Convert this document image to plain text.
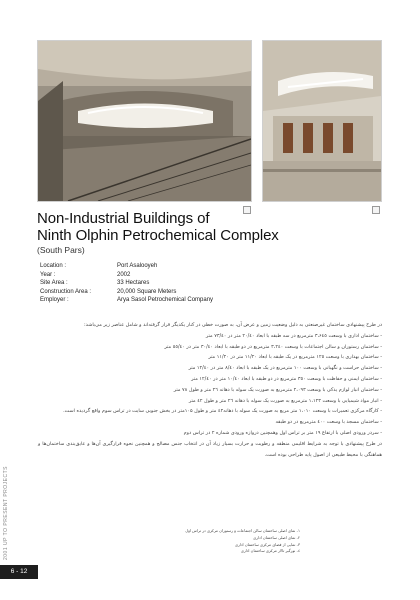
Non-Industrial Buildings of
Ninth Olphin Petrochemical Complex
(South Pars)
Location :	Port Asalooyeh
Year :	2002
Site Area :	33 Hectares
Construction Area :	20,000 Square Meters
Employer :	Arya Sasol Petrochemical Company

در طرح پیشنهادی ساختمان غیرصنعتی به دلیل وضعیت زمین و عرض آن، به صورت خطی در کنار یکدیگر قرار گرفته‌اند و شامل عناصر زیر می‌باشد:

- ساختمان اداری با وسعت ۳،۶٤٥ مترمربع در سه طبقه با ابعاد ۲۰/٤۰ متر در ۷۳/٤۰ متر

- ساختمان رستوران و سالن اجتماعات با وسعت ۳،٢٤۰ مترمربع در دو طبقه با ابعاد ۳۰/٤۰ متر در ٥٥/٤۰ متر

- ساختمان بهداری با وسعت ۱۲٥ مترمربع در یک طبقه با ابعاد ۱۱/۲۰ متر در ۱۱/۲۰ متر

- ساختمان حراست و نگهبانی با وسعت ۱۰۰ مترمربع در یک طبقه با ابعاد ۸/٤۰ متر در ۱۲/٤۰ متر

- ساختمان ایمنی و حفاظت با وسعت ۳٥۰ مترمربع در دو طبقه با ابعاد ۱۰/٤۰ متر در ۱۲/٤۰ متر

- ساختمان انبار لوازم یدکی با وسعت ۲،۰۹۳ مترمربع به صورت یک سوله با دهانه ۲٦ متر و طول ۷۸ متر

- انبار مواد شیمیایی با وسعت ۱،۱۲۳ مترمربع به صورت یک سوله با دهانه ۲٦ متر و طول ٤۲ متر

- کارگاه مرکزی تعمیرات با وسعت ۱،۰۱۰ متر مربع به صورت یک سوله با دهانه٤۲ متر و طول ۱۰۵متر در بخش جنوبی سایت در تراس سوم واقع گردیده است.

- ساختمان مسجد با وسعت ٤۰۰ مترمربع در دو طبقه

- سردر ورودی اصلی با ارتفاع ۱۹ متر بر تراس اول وهمچنین دروازه ورودی شماره ۲ در تراس دوم

در طرح پیشنهادی با توجه به شرایط اقلیمی منطقه و رطوبت و حرارت بسیار زیاد آن در انتخاب جنس مصالح و همچنین نحوه قرارگیری آن‌ها و عایق‌بندی ساختمان‌ها و هماهنگی با محیط طبیعی از اصول پایه طراحی بوده است.

۱- نمای اصلی ساختمان سالن اجتماعات و رستوران مرکزی در تراس اول

۲- نمای اصلی ساختمان اداری

۳- نمایی از فضای مرکزی ساختمان اداری

٤- نورگیر تالار مرکزی ساختمان اداری

2001 UP TO PRESENT PROJECTS
6 - 12
